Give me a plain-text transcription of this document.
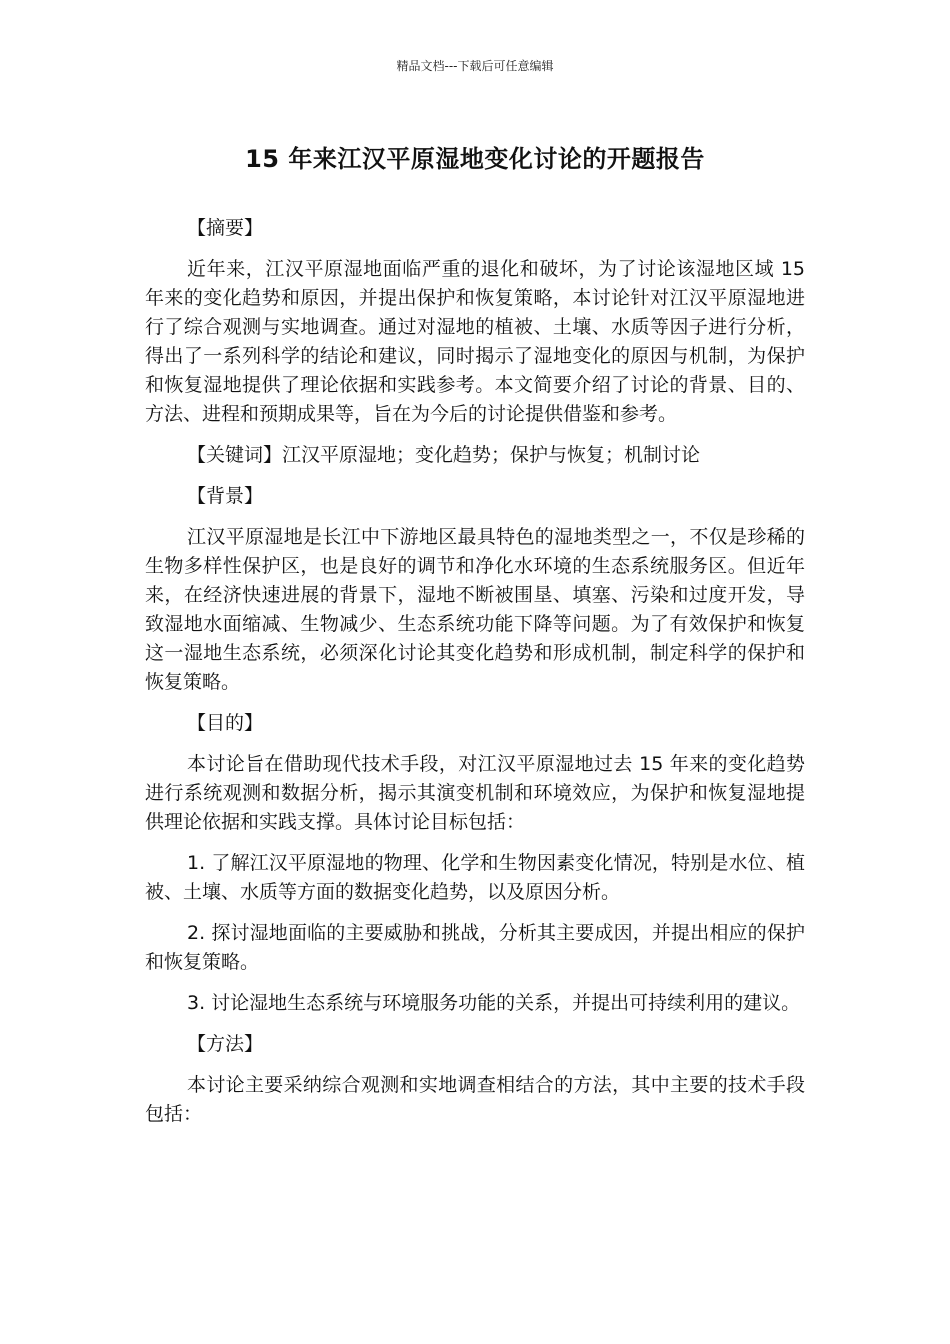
精品文档---下载后可任意编辑
15 年来江汉平原湿地变化讨论的开题报告
【摘要】
近年来，江汉平原湿地面临严重的退化和破坏，为了讨论该湿地区域 15 年来的变化趋势和原因，并提出保护和恢复策略，本讨论针对江汉平原湿地进行了综合观测与实地调查。通过对湿地的植被、土壤、水质等因子进行分析，得出了一系列科学的结论和建议，同时揭示了湿地变化的原因与机制，为保护和恢复湿地提供了理论依据和实践参考。本文简要介绍了讨论的背景、目的、方法、进程和预期成果等，旨在为今后的讨论提供借鉴和参考。
【关键词】江汉平原湿地；变化趋势；保护与恢复；机制讨论
【背景】
江汉平原湿地是长江中下游地区最具特色的湿地类型之一，不仅是珍稀的生物多样性保护区，也是良好的调节和净化水环境的生态系统服务区。但近年来，在经济快速进展的背景下，湿地不断被围垦、填塞、污染和过度开发，导致湿地水面缩减、生物减少、生态系统功能下降等问题。为了有效保护和恢复这一湿地生态系统，必须深化讨论其变化趋势和形成机制，制定科学的保护和恢复策略。
【目的】
本讨论旨在借助现代技术手段，对江汉平原湿地过去 15 年来的变化趋势进行系统观测和数据分析，揭示其演变机制和环境效应，为保护和恢复湿地提供理论依据和实践支撑。具体讨论目标包括：
1. 了解江汉平原湿地的物理、化学和生物因素变化情况，特别是水位、植被、土壤、水质等方面的数据变化趋势，以及原因分析。
2. 探讨湿地面临的主要威胁和挑战，分析其主要成因，并提出相应的保护和恢复策略。
3. 讨论湿地生态系统与环境服务功能的关系，并提出可持续利用的建议。
【方法】
本讨论主要采纳综合观测和实地调查相结合的方法，其中主要的技术手段包括：
